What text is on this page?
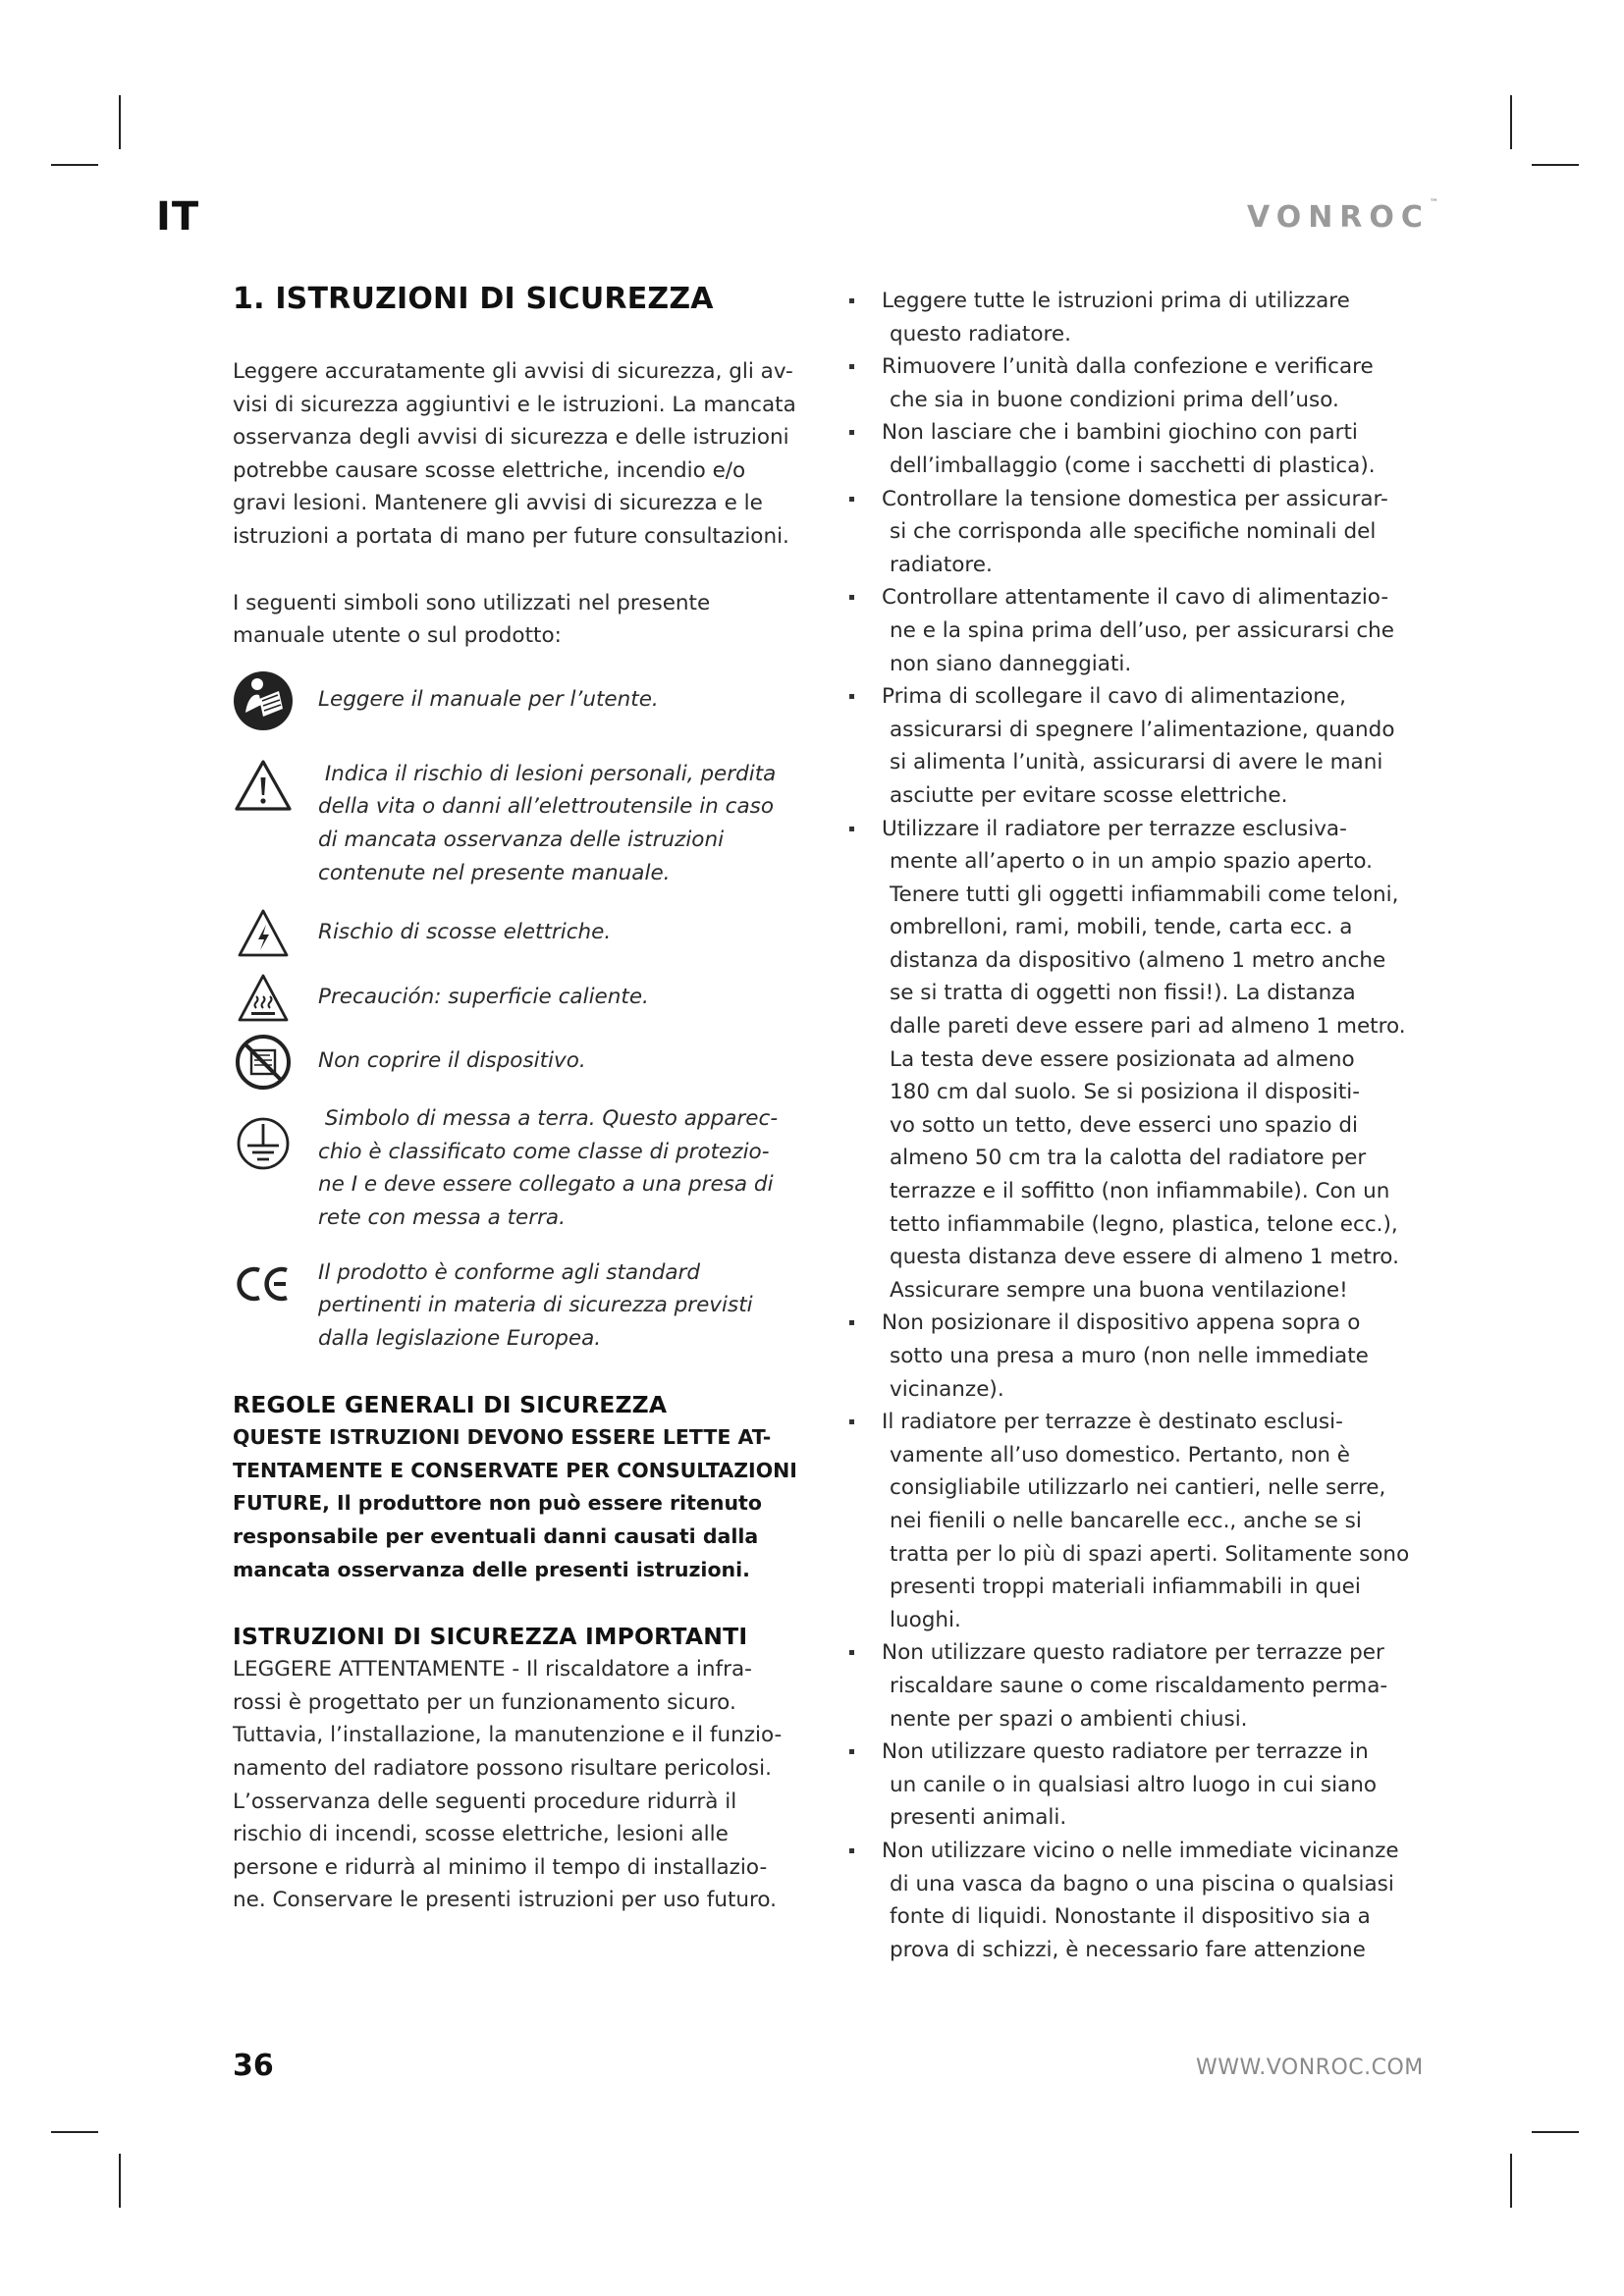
IT	VONROC™
1. ISTRUZIONI DI SICUREZZA

Leggere accuratamente gli avvisi di sicurezza, gli av-
visi di sicurezza aggiuntivi e le istruzioni. La mancata
osservanza degli avvisi di sicurezza e delle istruzioni
potrebbe causare scosse elettriche, incendio e/o
gravi lesioni. Mantenere gli avvisi di sicurezza e le
istruzioni a portata di mano per future consultazioni.

I seguenti simboli sono utilizzati nel presente
manuale utente o sul prodotto:

Leggere il manuale per l’utente.
Indica il rischio di lesioni personali, perdita
della vita o danni all’elettroutensile in caso
di mancata osservanza delle istruzioni
contenute nel presente manuale.
Rischio di scosse elettriche.
Precaución: superficie caliente.
Non coprire il dispositivo.
Simbolo di messa a terra. Questo apparec-
chio è classificato come classe di protezio-
ne I e deve essere collegato a una presa di
rete con messa a terra.
Il prodotto è conforme agli standard
pertinenti in materia di sicurezza previsti
dalla legislazione Europea.
REGOLE GENERALI DI SICUREZZA
QUESTE ISTRUZIONI DEVONO ESSERE LETTE AT-
TENTAMENTE E CONSERVATE PER CONSULTAZIONI
FUTURE, Il produttore non può essere ritenuto
responsabile per eventuali danni causati dalla
mancata osservanza delle presenti istruzioni.
ISTRUZIONI DI SICUREZZA IMPORTANTI

LEGGERE ATTENTAMENTE - Il riscaldatore a infra-
rossi è progettato per un funzionamento sicuro.
Tuttavia, l’installazione, la manutenzione e il funzio-
namento del radiatore possono risultare pericolosi.
L’osservanza delle seguenti procedure ridurrà il
rischio di incendi, scosse elettriche, lesioni alle
persone e ridurrà al minimo il tempo di installazio-
ne. Conservare le presenti istruzioni per uso futuro.

Leggere tutte le istruzioni prima di utilizzare
questo radiatore.

Rimuovere l’unità dalla confezione e verificare
che sia in buone condizioni prima dell’uso.

Non lasciare che i bambini giochino con parti
dell’imballaggio (come i sacchetti di plastica).

Controllare la tensione domestica per assicurar-
si che corrisponda alle specifiche nominali del
radiatore.

Controllare attentamente il cavo di alimentazio-
ne e la spina prima dell’uso, per assicurarsi che
non siano danneggiati.

Prima di scollegare il cavo di alimentazione,
assicurarsi di spegnere l’alimentazione, quando
si alimenta l’unità, assicurarsi di avere le mani
asciutte per evitare scosse elettriche.

Utilizzare il radiatore per terrazze esclusiva-
mente all’aperto o in un ampio spazio aperto.
Tenere tutti gli oggetti infiammabili come teloni,
ombrelloni, rami, mobili, tende, carta ecc. a
distanza da dispositivo (almeno 1 metro anche
se si tratta di oggetti non fissi!). La distanza
dalle pareti deve essere pari ad almeno 1 metro.
La testa deve essere posizionata ad almeno
180 cm dal suolo. Se si posiziona il dispositi-
vo sotto un tetto, deve esserci uno spazio di
almeno 50 cm tra la calotta del radiatore per
terrazze e il soffitto (non infiammabile). Con un
tetto infiammabile (legno, plastica, telone ecc.),
questa distanza deve essere di almeno 1 metro.
Assicurare sempre una buona ventilazione!

Non posizionare il dispositivo appena sopra o
sotto una presa a muro (non nelle immediate
vicinanze).

Il radiatore per terrazze è destinato esclusi-
vamente all’uso domestico. Pertanto, non è
consigliabile utilizzarlo nei cantieri, nelle serre,
nei fienili o nelle bancarelle ecc., anche se si
tratta per lo più di spazi aperti. Solitamente sono
presenti troppi materiali infiammabili in quei
luoghi.

Non utilizzare questo radiatore per terrazze per
riscaldare saune o come riscaldamento perma-
nente per spazi o ambienti chiusi.

Non utilizzare questo radiatore per terrazze in
un canile o in qualsiasi altro luogo in cui siano
presenti animali.

Non utilizzare vicino o nelle immediate vicinanze
di una vasca da bagno o una piscina o qualsiasi
fonte di liquidi. Nonostante il dispositivo sia a
prova di schizzi, è necessario fare attenzione

36	WWW.VONROC.COM
